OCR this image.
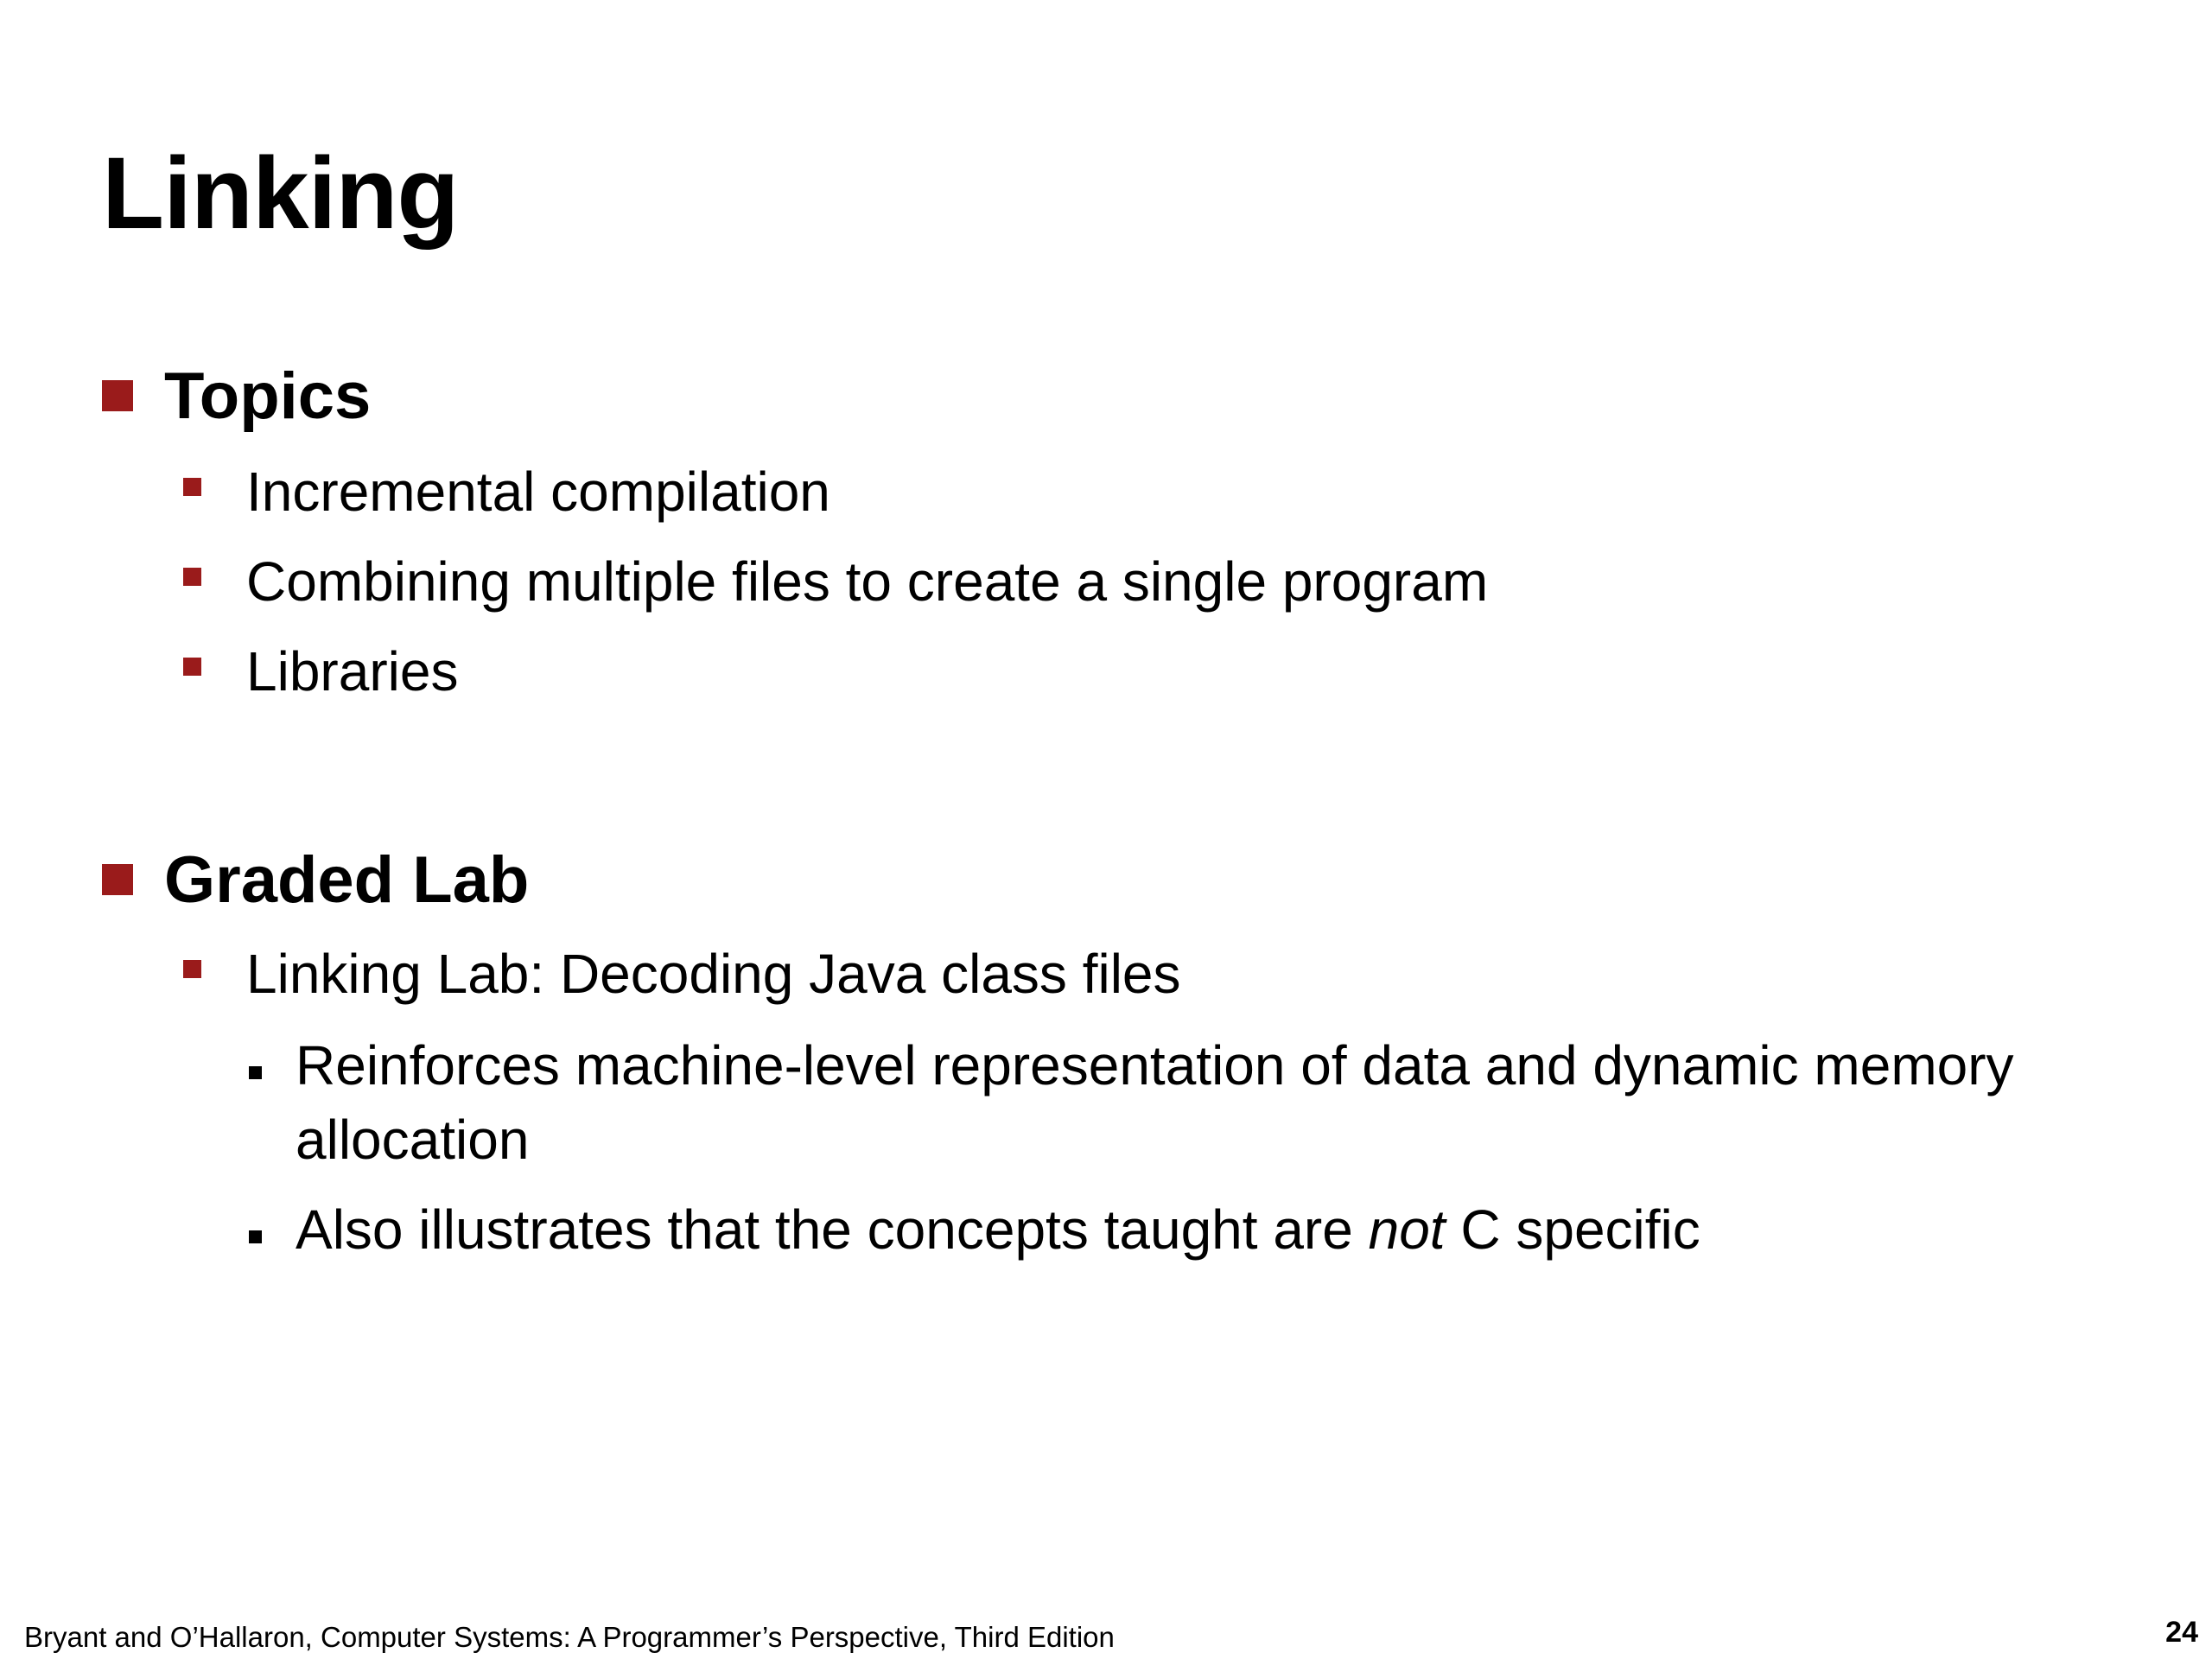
Linking
Topics
Incremental compilation
Combining multiple files to create a single program
Libraries
Graded Lab
Linking Lab: Decoding Java class files
Reinforces machine-level representation of data and dynamic memory allocation
Also illustrates that the concepts taught are not C specific
Bryant and O’Hallaron, Computer Systems: A Programmer’s Perspective, Third Edition	24
